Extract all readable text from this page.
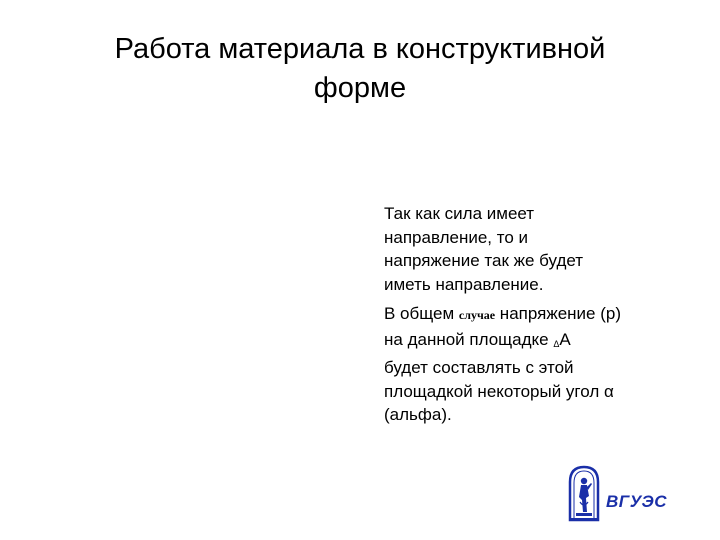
Работа материала в конструктивной
форме
Так как сила имеет
направление, то и
напряжение так же будет
иметь направление.
В общем случае напряжение (р)
на данной площадке ΔA
будет составлять с этой
площадкой некоторый угол α
(альфа).
ВГУЭС
